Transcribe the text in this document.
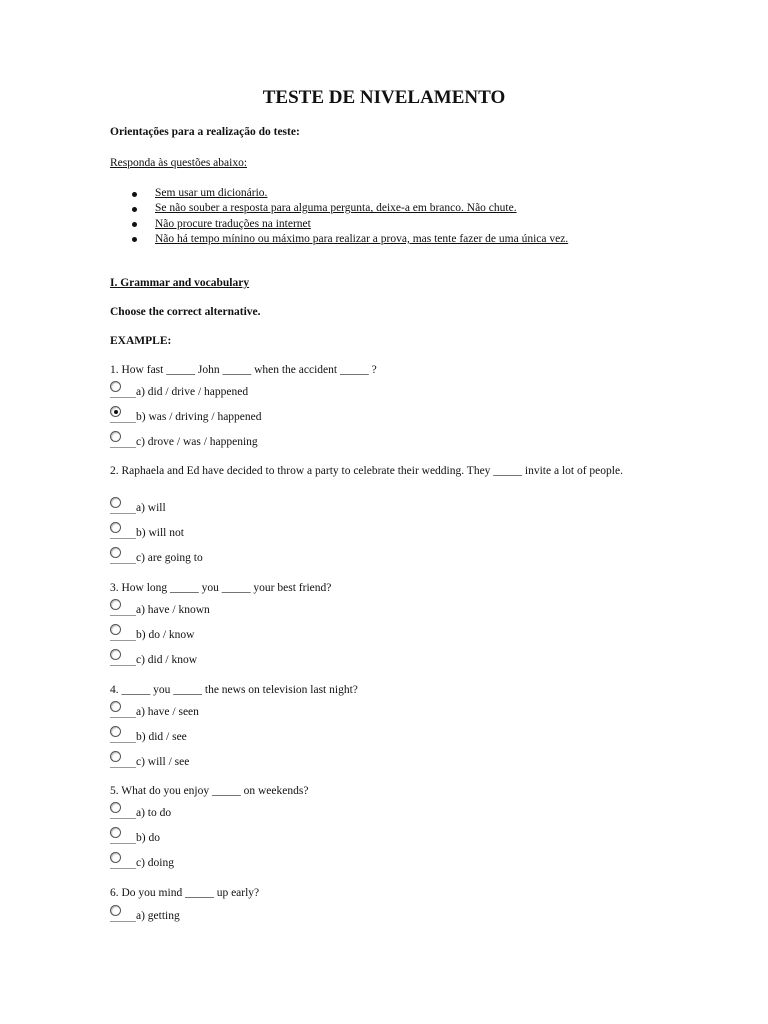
TESTE DE NIVELAMENTO
Orientações para a realização do teste:
Responda às questões abaixo:
Sem usar um dicionário.
Se não souber a resposta para alguma pergunta, deixe-a em branco. Não chute.
Não procure traduções na internet
Não há tempo mínino ou máximo para realizar a prova, mas tente fazer de uma única vez.
I. Grammar and vocabulary
Choose the correct alternative.
EXAMPLE:

1. How fast _____ John _____ when the accident _____ ?

a) did / drive / happened
b) was / driving / happened
c) drove / was / happening

2. Raphaela and Ed have decided to throw a party to celebrate their wedding. They _____ invite a lot of people.

a) will
b) will not
c) are going to

3. How long _____ you _____ your best friend?

a) have / known
b) do / know
c) did / know

4. _____ you _____ the news on television last night?

a) have / seen
b) did / see
c) will / see

5. What do you enjoy _____ on weekends?

a) to do
b) do
c) doing

6. Do you mind _____ up early?

a) getting
